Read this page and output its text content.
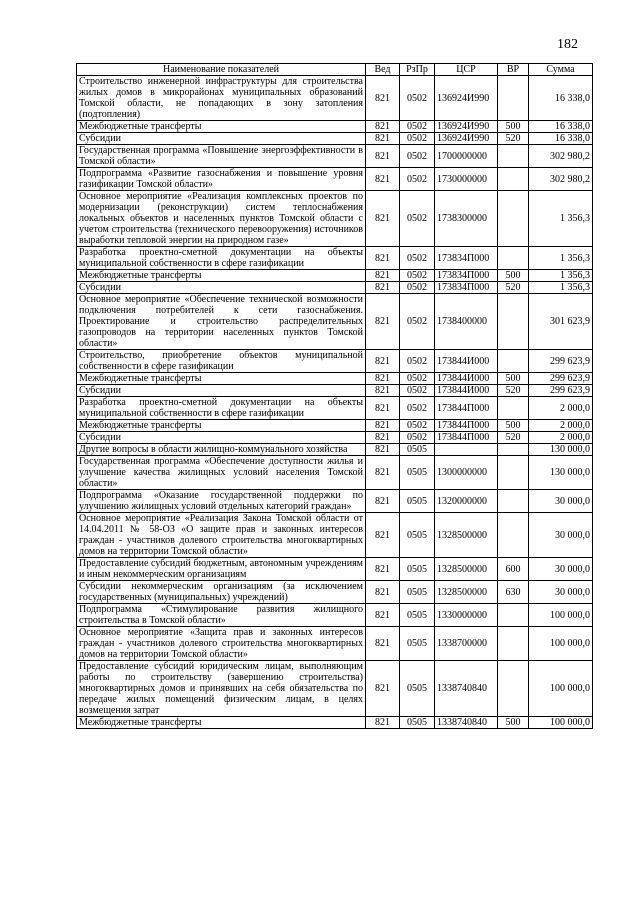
182
Наименование показателей	Вед	РзПр	ЦСР	ВР	Сумма
Строительство инженерной инфраструктуры для строительства жилых домов в микрорайонах муниципальных образований Томской области, не попадающих в зону затопления (подтопления)	821	0502	136924И990		16 338,0
Межбюджетные трансферты	821	0502	136924И990	500	16 338,0
Субсидии	821	0502	136924И990	520	16 338,0
Государственная программа «Повышение энергоэффективности в Томской области»	821	0502	1700000000		302 980,2
Подпрограмма «Развитие газоснабжения и повышение уровня газификации Томской области»	821	0502	1730000000		302 980,2
Основное мероприятие «Реализация комплексных проектов по модернизации (реконструкции) систем теплоснабжения локальных объектов и населенных пунктов Томской области с учетом строительства (технического перевооружения) источников выработки тепловой энергии на природном газе»	821	0502	1738300000		1 356,3
Разработка проектно-сметной документации на объекты муниципальной собственности в сфере газификации	821	0502	173834П000		1 356,3
Межбюджетные трансферты	821	0502	173834П000	500	1 356,3
Субсидии	821	0502	173834П000	520	1 356,3
Основное мероприятие «Обеспечение технической возможности подключения потребителей к сети газоснабжения. Проектирование и строительство распределительных газопроводов на территории населенных пунктов Томской области»	821	0502	1738400000		301 623,9
Строительство, приобретение объектов муниципальной собственности в сфере газификации	821	0502	173844И000		299 623,9
Межбюджетные трансферты	821	0502	173844И000	500	299 623,9
Субсидии	821	0502	173844И000	520	299 623,9
Разработка проектно-сметной документации на объекты муниципальной собственности в сфере газификации	821	0502	173844П000		2 000,0
Межбюджетные трансферты	821	0502	173844П000	500	2 000,0
Субсидии	821	0502	173844П000	520	2 000,0
Другие вопросы в области жилищно-коммунального хозяйства	821	0505			130 000,0
Государственная программа «Обеспечение доступности жилья и улучшение качества жилищных условий населения Томской области»	821	0505	1300000000		130 000,0
Подпрограмма «Оказание государственной поддержки по улучшению жилищных условий отдельных категорий граждан»	821	0505	1320000000		30 000,0
Основное мероприятие «Реализация Закона Томской области от 14.04.2011 № 58-ОЗ «О защите прав и законных интересов граждан - участников долевого строительства многоквартирных домов на территории Томской области»	821	0505	1328500000		30 000,0
Предоставление субсидий бюджетным, автономным учреждениям и иным некоммерческим организациям	821	0505	1328500000	600	30 000,0
Субсидии некоммерческим организациям (за исключением государственных (муниципальных) учреждений)	821	0505	1328500000	630	30 000,0
Подпрограмма «Стимулирование развития жилищного строительства в Томской области»	821	0505	1330000000		100 000,0
Основное мероприятие «Защита прав и законных интересов граждан - участников долевого строительства многоквартирных домов на территории Томской области»	821	0505	1338700000		100 000,0
Предоставление субсидий юридическим лицам, выполняющим работы по строительству (завершению строительства) многоквартирных домов и принявших на себя обязательства по передаче жилых помещений физическим лицам, в целях возмещения затрат	821	0505	1338740840		100 000,0
Межбюджетные трансферты	821	0505	1338740840	500	100 000,0
